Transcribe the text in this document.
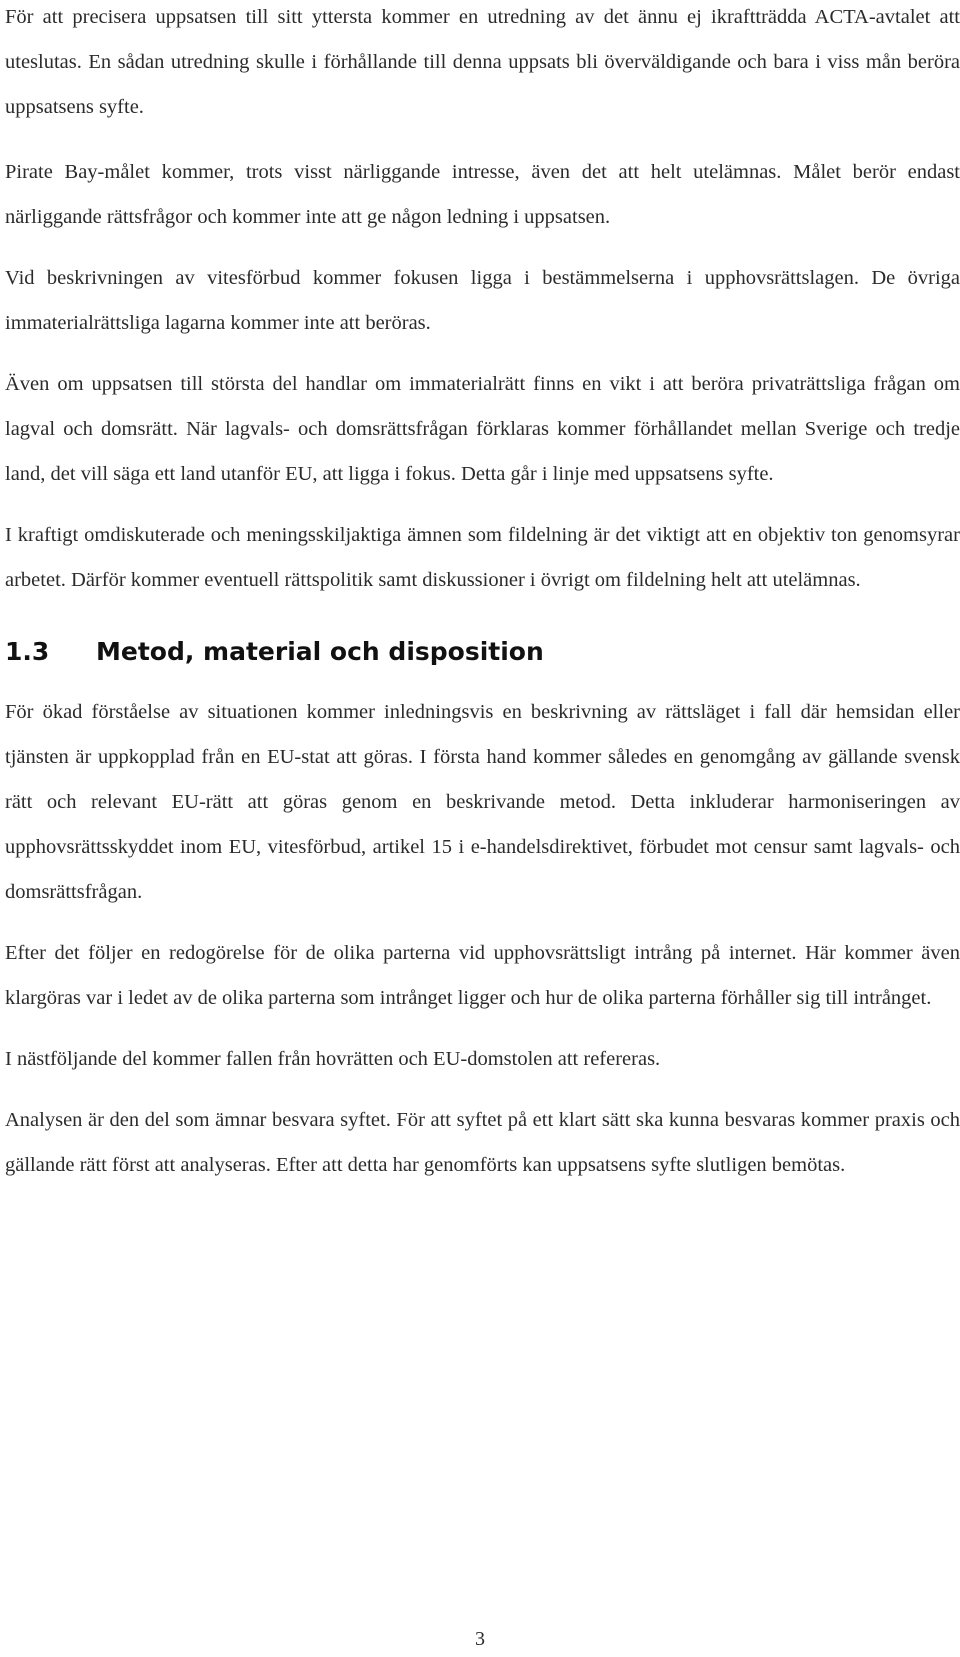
För att precisera uppsatsen till sitt yttersta kommer en utredning av det ännu ej ikraftträdda ACTA-avtalet att uteslutas. En sådan utredning skulle i förhållande till denna uppsats bli överväldigande och bara i viss mån beröra uppsatsens syfte.

Pirate Bay-målet kommer, trots visst närliggande intresse, även det att helt utelämnas. Målet berör endast närliggande rättsfrågor och kommer inte att ge någon ledning i uppsatsen.

Vid beskrivningen av vitesförbud kommer fokusen ligga i bestämmelserna i upphovsrättslagen. De övriga immaterialrättsliga lagarna kommer inte att beröras.

Även om uppsatsen till största del handlar om immaterialrätt finns en vikt i att beröra privaträttsliga frågan om lagval och domsrätt. När lagvals- och domsrättsfrågan förklaras kommer förhållandet mellan Sverige och tredje land, det vill säga ett land utanför EU, att ligga i fokus. Detta går i linje med uppsatsens syfte.

I kraftigt omdiskuterade och meningsskiljaktiga ämnen som fildelning är det viktigt att en objektiv ton genomsyrar arbetet. Därför kommer eventuell rättspolitik samt diskussioner i övrigt om fildelning helt att utelämnas.

1.3 Metod, material och disposition

För ökad förståelse av situationen kommer inledningsvis en beskrivning av rättsläget i fall där hemsidan eller tjänsten är uppkopplad från en EU-stat att göras. I första hand kommer således en genomgång av gällande svensk rätt och relevant EU-rätt att göras genom en beskrivande metod. Detta inkluderar harmoniseringen av upphovsrättsskyddet inom EU, vitesförbud, artikel 15 i e-handelsdirektivet, förbudet mot censur samt lagvals- och domsrättsfrågan.

Efter det följer en redogörelse för de olika parterna vid upphovsrättsligt intrång på internet. Här kommer även klargöras var i ledet av de olika parterna som intrånget ligger och hur de olika parterna förhåller sig till intrånget.

I nästföljande del kommer fallen från hovrätten och EU-domstolen att refereras.

Analysen är den del som ämnar besvara syftet. För att syftet på ett klart sätt ska kunna besvaras kommer praxis och gällande rätt först att analyseras. Efter att detta har genomförts kan uppsatsens syfte slutligen bemötas.

3
